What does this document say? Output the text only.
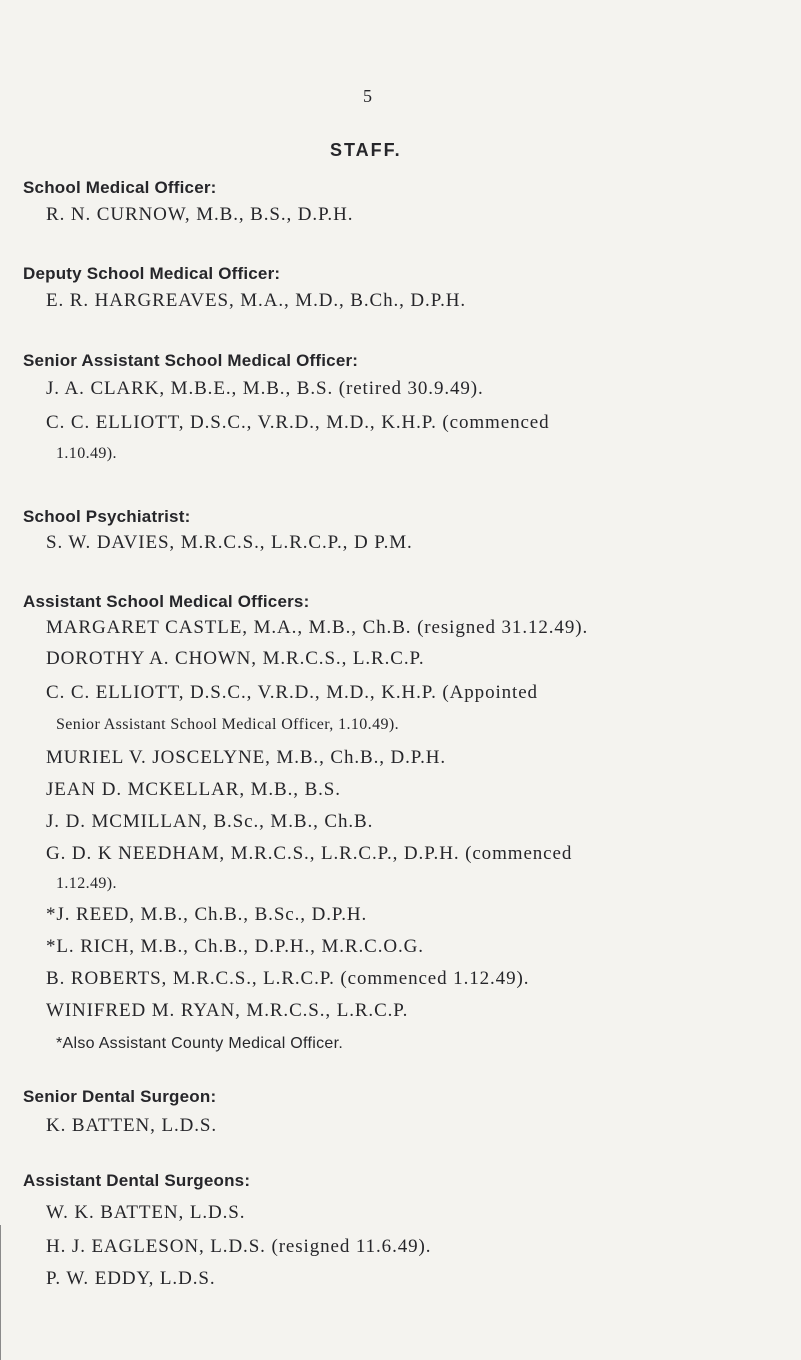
5
STAFF.
School Medical Officer:
R. N. CURNOW, M.B., B.S., D.P.H.
Deputy School Medical Officer:
E. R. HARGREAVES, M.A., M.D., B.Ch., D.P.H.
Senior Assistant School Medical Officer:
J. A. CLARK, M.B.E., M.B., B.S. (retired 30.9.49).
C. C. ELLIOTT, D.S.C., V.R.D., M.D., K.H.P. (commenced
1.10.49).
School Psychiatrist:
S. W. DAVIES, M.R.C.S., L.R.C.P., D P.M.
Assistant School Medical Officers:
MARGARET CASTLE, M.A., M.B., Ch.B. (resigned 31.12.49).
DOROTHY A. CHOWN, M.R.C.S., L.R.C.P.
C. C. ELLIOTT, D.S.C., V.R.D., M.D., K.H.P. (Appointed
Senior Assistant School Medical Officer, 1.10.49).
MURIEL V. JOSCELYNE, M.B., Ch.B., D.P.H.
JEAN D. MCKELLAR, M.B., B.S.
J. D. MCMILLAN, B.Sc., M.B., Ch.B.
G. D. K NEEDHAM, M.R.C.S., L.R.C.P., D.P.H. (commenced
1.12.49).
*J. REED, M.B., Ch.B., B.Sc., D.P.H.
*L. RICH, M.B., Ch.B., D.P.H., M.R.C.O.G.
B. ROBERTS, M.R.C.S., L.R.C.P. (commenced 1.12.49).
WINIFRED M. RYAN, M.R.C.S., L.R.C.P.
*Also Assistant County Medical Officer.
Senior Dental Surgeon:
K. BATTEN, L.D.S.
Assistant Dental Surgeons:
W. K. BATTEN, L.D.S.
H. J. EAGLESON, L.D.S. (resigned 11.6.49).
P. W. EDDY, L.D.S.
